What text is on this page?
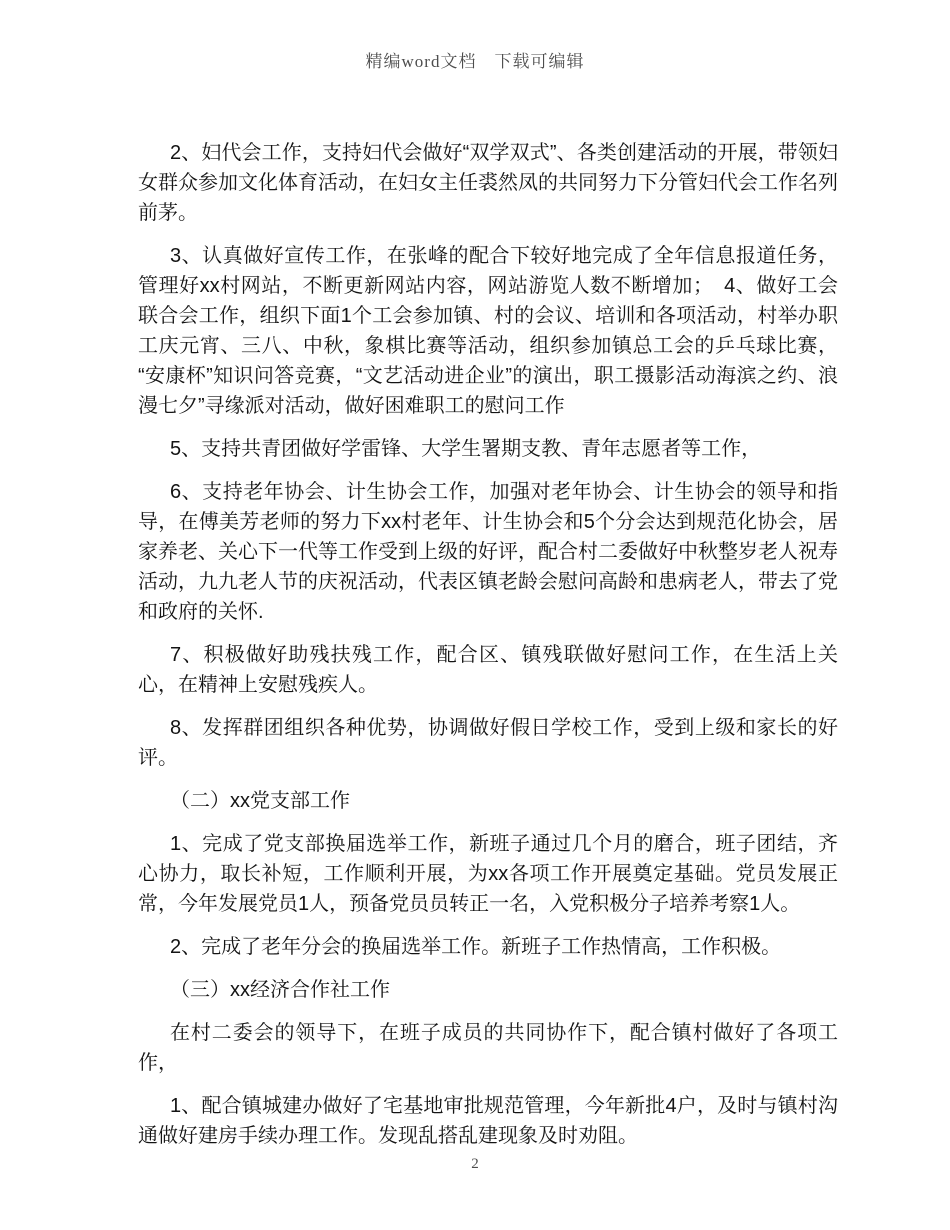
精编word文档　下载可编辑

2、妇代会工作，支持妇代会做好“双学双式”、各类创建活动的开展，带领妇女群众参加文化体育活动，在妇女主任裘然凤的共同努力下分管妇代会工作名列前茅。

3、认真做好宣传工作，在张峰的配合下较好地完成了全年信息报道任务，管理好xx村网站，不断更新网站内容，网站游览人数不断增加；　4、做好工会联合会工作，组织下面1个工会参加镇、村的会议、培训和各项活动，村举办职工庆元宵、三八、中秋，象棋比赛等活动，组织参加镇总工会的乒乓球比赛，“安康杯”知识问答竞赛，“文艺活动进企业”的演出，职工摄影活动海滨之约、浪漫七夕”寻缘派对活动，做好困难职工的慰问工作

5、支持共青团做好学雷锋、大学生署期支教、青年志愿者等工作，

6、支持老年协会、计生协会工作，加强对老年协会、计生协会的领导和指导，在傅美芳老师的努力下xx村老年、计生协会和5个分会达到规范化协会，居家养老、关心下一代等工作受到上级的好评，配合村二委做好中秋整岁老人祝寿活动，九九老人节的庆祝活动，代表区镇老龄会慰问高龄和患病老人，带去了党和政府的关怀.

7、积极做好助残扶残工作，配合区、镇残联做好慰问工作，在生活上关心，在精神上安慰残疾人。

8、发挥群团组织各种优势，协调做好假日学校工作，受到上级和家长的好评。

（二）xx党支部工作

1、完成了党支部换届选举工作，新班子通过几个月的磨合，班子团结，齐心协力，取长补短，工作顺利开展，为xx各项工作开展奠定基础。党员发展正常，今年发展党员1人，预备党员员转正一名，入党积极分子培养考察1人。

2、完成了老年分会的换届选举工作。新班子工作热情高，工作积极。

（三）xx经济合作社工作

在村二委会的领导下，在班子成员的共同协作下，配合镇村做好了各项工作，

1、配合镇城建办做好了宅基地审批规范管理，今年新批4户，及时与镇村沟通做好建房手续办理工作。发现乱搭乱建现象及时劝阻。

2
